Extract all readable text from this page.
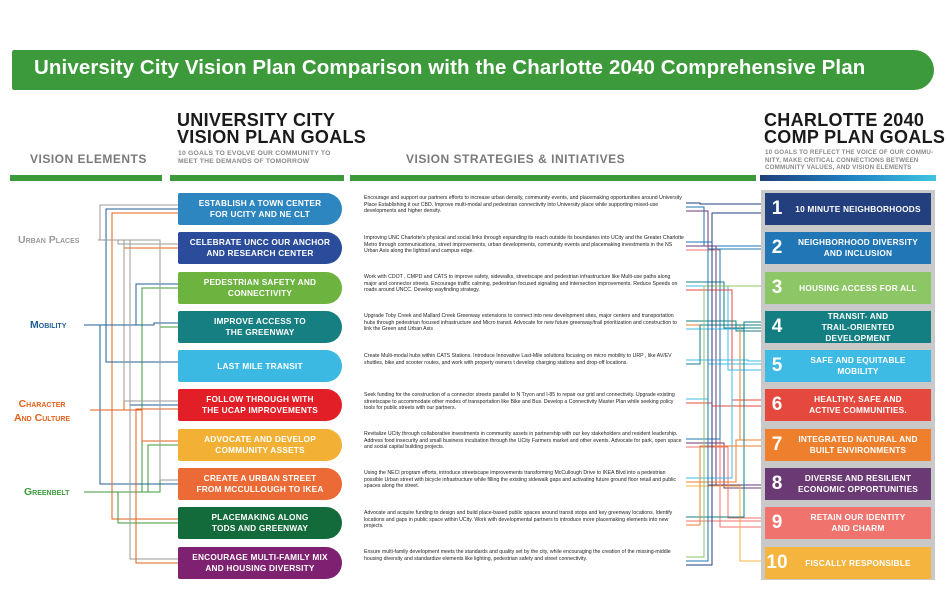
University City Vision Plan Comparison with the Charlotte 2040 Comprehensive Plan
VISION ELEMENTS
UNIVERSITY CITY
VISION PLAN GOALS
10 GOALS TO EVOLVE OUR COMMUNITY TO
MEET THE DEMANDS OF TOMORROW	VISION STRATEGIES & INITIATIVES
CHARLOTTE 2040
COMP PLAN GOALS
10 GOALS TO REFLECT THE VOICE OF OUR COMMU-
NITY, MAKE CRITICAL CONNECTIONS BETWEEN
COMMUNITY VALUES, AND VISION ELEMENTS
Urban Places
Mobility
Character
And Culture
Greenbelt
ESTABLISH A TOWN CENTER
FOR UCITY AND NE CLT
CELEBRATE UNCC OUR ANCHOR
AND RESEARCH CENTER
PEDESTRIAN SAFETY AND
CONNECTIVITY
IMPROVE ACCESS TO
THE GREENWAY
LAST MILE TRANSIT
FOLLOW THROUGH WITH
THE UCAP IMPROVEMENTS
ADVOCATE AND DEVELOP
COMMUNITY ASSETS
CREATE A URBAN STREET
FROM MCCULLOUGH TO IKEA
PLACEMAKING ALONG
TODS AND GREENWAY
ENCOURAGE MULTI-FAMILY MIX
AND HOUSING DIVERSITY
Encourage and support our partners efforts to increase urban density, community events, and placemaking opportunities around University Place Establishing it our CBD. Improve multi-modal and pedestrian connectivity into University place while supporting mixed-use developments and higher density.
Improving UNC Charlotte's physical and social links through expanding its reach outside its boundaries into UCity and the Greater Charlotte Metro through communications, street improvements, urban developments, community events and placemaking investments in the NS Urban Axis along the lightrail and campus edge.
Work with CDOT , CMPD and CATS to improve safety, sidewalks, streetscape and pedestrian infrastructure like Multi-use paths along major and connector streets. Encourage traffic calming, pedestrian focused signaling and intersection improvements. Reduce Speeds on roads around UNCC. Develop wayfinding strategy.
Upgrade Toby Creek and Mallard Creek Greenway extensions to connect into new development sites, major centers and transportation hubs through pedestrian focused infrastructure and Micro transit. Advocate for new future greenway/trail prioritization and construction to link the Green and Urban Axis
Create Multi-modal hubs within CATS Stations. Introduce Innovative Last-Mile solutions focusing on micro mobility to URP , like AV/EV shuttles, bike and scooter routes, and work with property owners t develop charging stations and drop-off locations.
Seek funding for the construction of a connector streets parallel to N Tryon and I-85 to repair our grid and connectivity. Upgrade existing streetscape to accommodate other modes of transportation like Bike and Bus. Develop a Connectivity Master Plan while seeking policy tools for public streets with our partners.
Revitalize UCity through collaborative investments in community assets in partnership with our key stakeholders and resident leadership. Address food insecurity and small business incubation through the UCity Farmers market and other events. Advocate for park, open space and social capital building projects.
Using the NECI program efforts, introduce streetscape improvements transforming McCullough Drive to IKEA Blvd into a pedestrian possible Urban street with bicycle infrastructure while filling the existing sidewalk gaps and activating future ground floor retail and public spaces along the street.
Advocate and acquire funding to design and build place-based public spaces around transit stops and key greenway locations. Identify locations and gaps in public space within UCity. Work with developmental partners to introduce more placemaking elements into new projects.
Ensure multi-family development meets the standards and quality set by the city, while encouraging the creation of the missing-middle housing diversity and standardize elements like lighting, pedestrian safety and street connectivity.
1	10 MINUTE NEIGHBORHOODS
2	NEIGHBORHOOD DIVERSITY
AND INCLUSION
3	HOUSING ACCESS FOR ALL
4
TRANSIT- AND
TRAIL-ORIENTED DEVELOPMENT
5	SAFE AND EQUITABLE MOBILITY
6	HEALTHY, SAFE AND
ACTIVE COMMUNITIES.
7	INTEGRATED NATURAL AND
BUILT ENVIRONMENTS
8	DIVERSE AND RESILIENT
ECONOMIC OPPORTUNITIES
9	RETAIN OUR IDENTITY
AND CHARM
10	FISCALLY RESPONSIBLE
